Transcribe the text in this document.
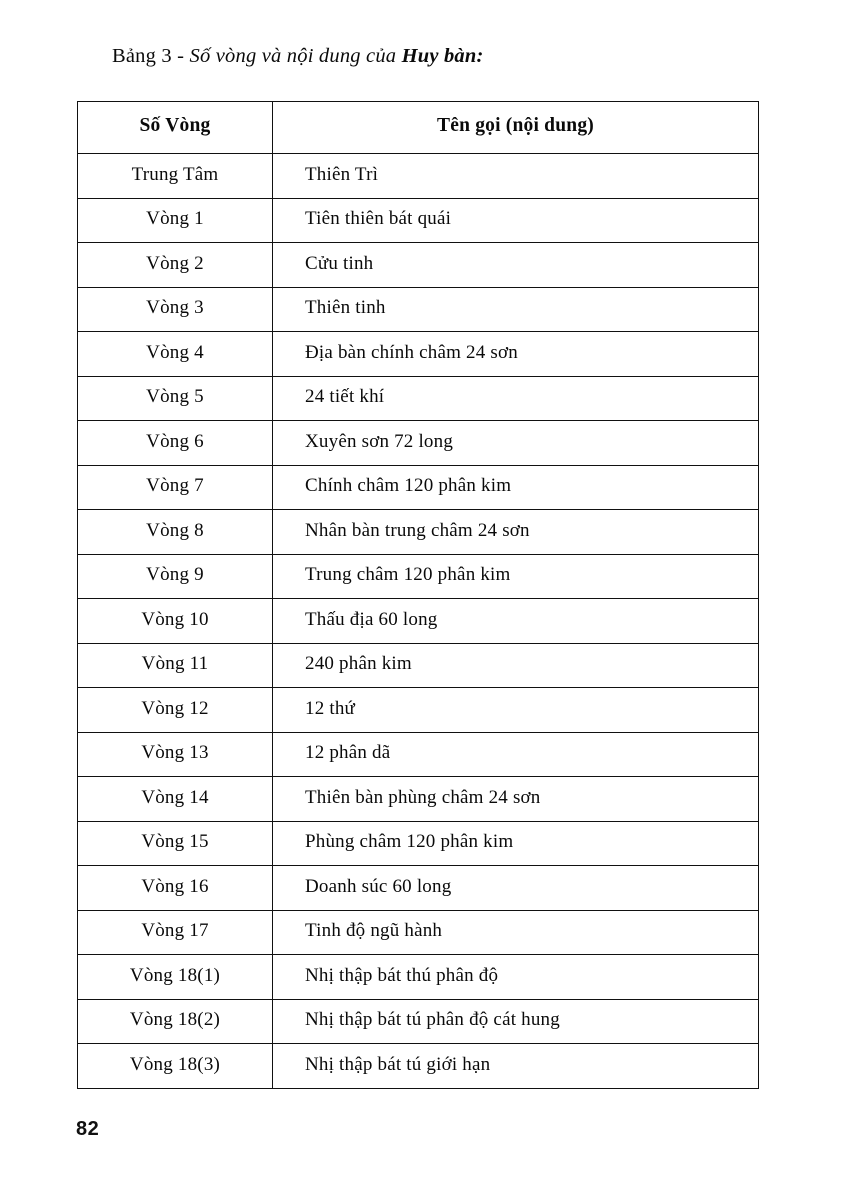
Bảng 3 - Số vòng và nội dung của Huy bàn:
Số Vòng	Tên gọi (nội dung)
Trung Tâm	Thiên Trì
Vòng 1	Tiên thiên bát quái
Vòng 2	Cửu tinh
Vòng 3	Thiên tinh
Vòng 4	Địa bàn chính châm 24 sơn
Vòng 5	24 tiết khí
Vòng 6	Xuyên sơn 72 long
Vòng 7	Chính châm 120 phân kim
Vòng 8	Nhân bàn trung châm 24 sơn
Vòng 9	Trung châm 120 phân kim
Vòng 10	Thấu địa 60 long
Vòng 11	240 phân kim
Vòng 12	12 thứ
Vòng 13	12 phân dã
Vòng 14	Thiên bàn phùng châm 24 sơn
Vòng 15	Phùng châm 120 phân kim
Vòng 16	Doanh súc 60 long
Vòng 17	Tinh độ ngũ hành
Vòng 18(1)	Nhị thập bát thú phân độ
Vòng 18(2)	Nhị thập bát tú phân độ cát hung
Vòng 18(3)	Nhị thập bát tú giới hạn
82
